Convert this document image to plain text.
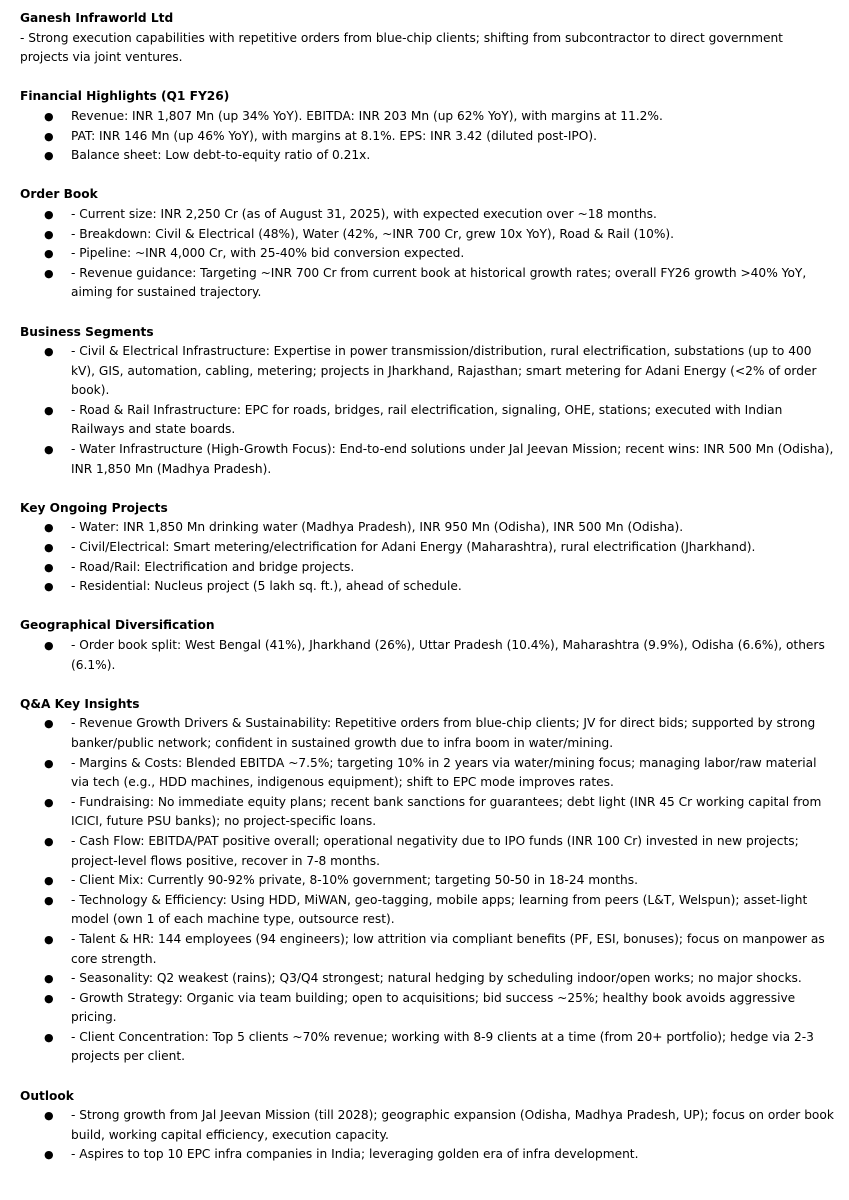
Ganesh Infraworld Ltd

- Strong execution capabilities with repetitive orders from blue-chip clients; shifting from subcontractor to direct government projects via joint ventures.

Financial Highlights (Q1 FY26)

● Revenue: INR 1,807 Mn (up 34% YoY). EBITDA: INR 203 Mn (up 62% YoY), with margins at 11.2%.
● PAT: INR 146 Mn (up 46% YoY), with margins at 8.1%. EPS: INR 3.42 (diluted post-IPO).
● Balance sheet: Low debt-to-equity ratio of 0.21x.

Order Book

● - Current size: INR 2,250 Cr (as of August 31, 2025), with expected execution over ~18 months.
● - Breakdown: Civil & Electrical (48%), Water (42%, ~INR 700 Cr, grew 10x YoY), Road & Rail (10%).
● - Pipeline: ~INR 4,000 Cr, with 25-40% bid conversion expected.
● - Revenue guidance: Targeting ~INR 700 Cr from current book at historical growth rates; overall FY26 growth >40% YoY, aiming for sustained trajectory.

Business Segments

● - Civil & Electrical Infrastructure: Expertise in power transmission/distribution, rural electrification, substations (up to 400 kV), GIS, automation, cabling, metering; projects in Jharkhand, Rajasthan; smart metering for Adani Energy (<2% of order book).
● - Road & Rail Infrastructure: EPC for roads, bridges, rail electrification, signaling, OHE, stations; executed with Indian Railways and state boards.
● - Water Infrastructure (High-Growth Focus): End-to-end solutions under Jal Jeevan Mission; recent wins: INR 500 Mn (Odisha), INR 1,850 Mn (Madhya Pradesh).

Key Ongoing Projects

● - Water: INR 1,850 Mn drinking water (Madhya Pradesh), INR 950 Mn (Odisha), INR 500 Mn (Odisha).
● - Civil/Electrical: Smart metering/electrification for Adani Energy (Maharashtra), rural electrification (Jharkhand).
● - Road/Rail: Electrification and bridge projects.
● - Residential: Nucleus project (5 lakh sq. ft.), ahead of schedule.

Geographical Diversification

● - Order book split: West Bengal (41%), Jharkhand (26%), Uttar Pradesh (10.4%), Maharashtra (9.9%), Odisha (6.6%), others (6.1%).

Q&A Key Insights

● - Revenue Growth Drivers & Sustainability: Repetitive orders from blue-chip clients; JV for direct bids; supported by strong banker/public network; confident in sustained growth due to infra boom in water/mining.
● - Margins & Costs: Blended EBITDA ~7.5%; targeting 10% in 2 years via water/mining focus; managing labor/raw material via tech (e.g., HDD machines, indigenous equipment); shift to EPC mode improves rates.
● - Fundraising: No immediate equity plans; recent bank sanctions for guarantees; debt light (INR 45 Cr working capital from ICICI, future PSU banks); no project-specific loans.
● - Cash Flow: EBITDA/PAT positive overall; operational negativity due to IPO funds (INR 100 Cr) invested in new projects; project-level flows positive, recover in 7-8 months.
● - Client Mix: Currently 90-92% private, 8-10% government; targeting 50-50 in 18-24 months.
● - Technology & Efficiency: Using HDD, MiWAN, geo-tagging, mobile apps; learning from peers (L&T, Welspun); asset-light model (own 1 of each machine type, outsource rest).
● - Talent & HR: 144 employees (94 engineers); low attrition via compliant benefits (PF, ESI, bonuses); focus on manpower as core strength.
● - Seasonality: Q2 weakest (rains); Q3/Q4 strongest; natural hedging by scheduling indoor/open works; no major shocks.
● - Growth Strategy: Organic via team building; open to acquisitions; bid success ~25%; healthy book avoids aggressive pricing.
● - Client Concentration: Top 5 clients ~70% revenue; working with 8-9 clients at a time (from 20+ portfolio); hedge via 2-3 projects per client.

Outlook

● - Strong growth from Jal Jeevan Mission (till 2028); geographic expansion (Odisha, Madhya Pradesh, UP); focus on order book build, working capital efficiency, execution capacity.
● - Aspires to top 10 EPC infra companies in India; leveraging golden era of infra development.
